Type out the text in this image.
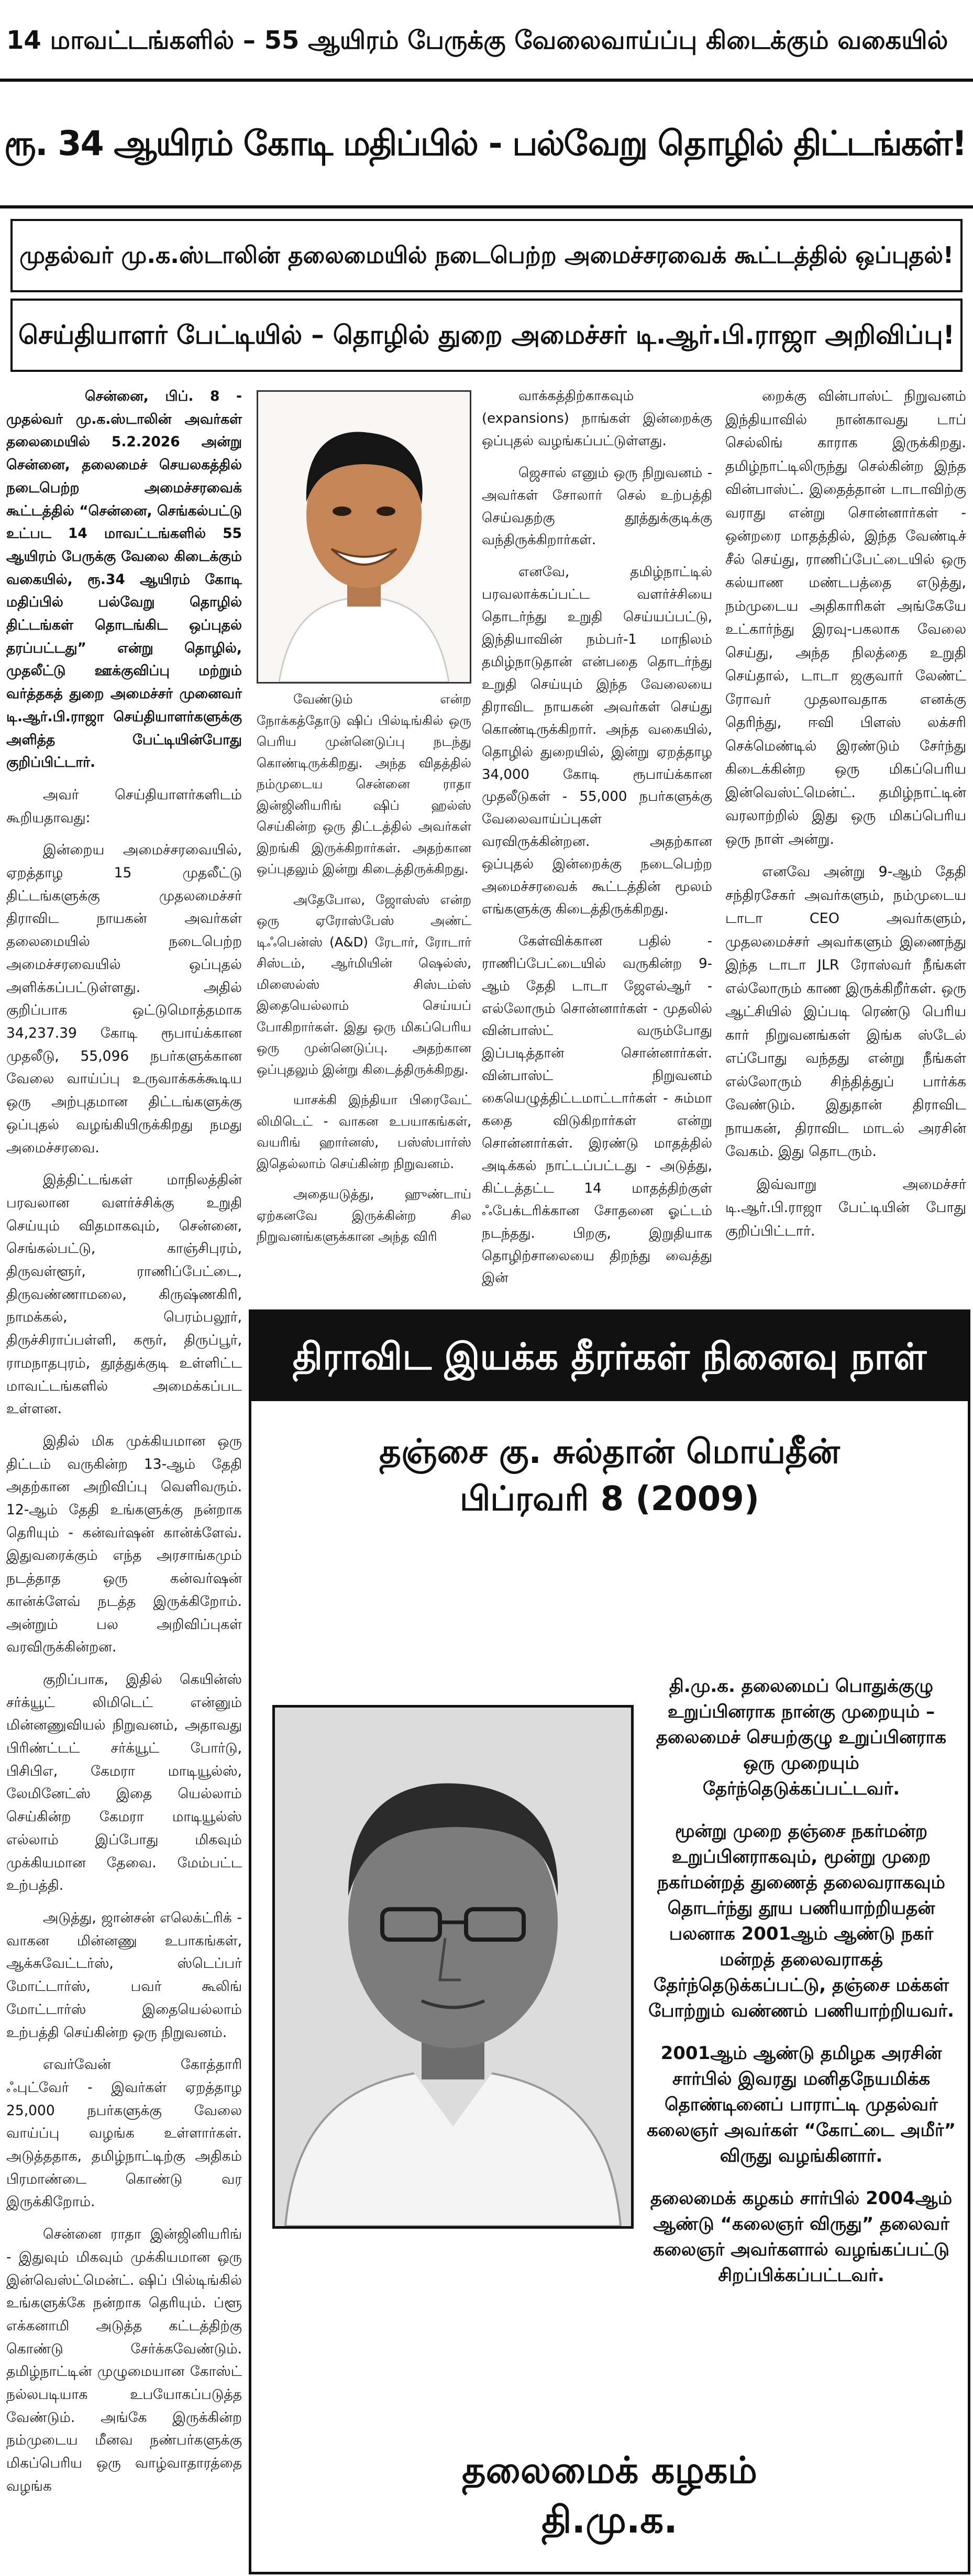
14 மாவட்டங்களில் – 55 ஆயிரம் பேருக்கு வேலைவாய்ப்பு கிடைக்கும் வகையில்
ரூ. 34 ஆயிரம் கோடி மதிப்பில் - பல்வேறு தொழில் திட்டங்கள்!
முதல்வர் மு.க.ஸ்டாலின் தலைமையில் நடைபெற்ற அமைச்சரவைக் கூட்டத்தில் ஒப்புதல்!
செய்தியாளர் பேட்டியில் – தொழில் துறை அமைச்சர் டி.ஆர்.பி.ராஜா அறிவிப்பு!

சென்னை, பிப். 8 - முதல்வர் மு.க.ஸ்டாலின் அவர்கள் தலைமையில் 5.2.2026 அன்று சென்னை, தலைமைச் செயலகத்தில் நடைபெற்ற அமைச்சரவைக் கூட்டத்தில் “சென்னை, செங்கல்பட்டு உட்பட 14 மாவட்டங்களில் 55 ஆயிரம் பேருக்கு வேலை கிடைக்கும் வகையில், ரூ.34 ஆயிரம் கோடி மதிப்பில் பல்வேறு தொழில் திட்டங்கள் தொடங்கிட ஒப்புதல் தரப்பட்டது” என்று தொழில், முதலீட்டு ஊக்குவிப்பு மற்றும் வர்த்தகத் துறை அமைச்சர் முனைவர் டி.ஆர்.பி.ராஜா செய்தியாளர்களுக்கு அளித்த பேட்டியின்போது குறிப்பிட்டார்.

அவர் செய்தியாளர்களிடம் கூறியதாவது:

இன்றைய அமைச்சரவையில், ஏறத்தாழ 15 முதலீட்டு திட்டங்களுக்கு முதலமைச்சர் திராவிட நாயகன் அவர்கள் தலைமையில் நடைபெற்ற அமைச்சரவையில் ஒப்புதல் அளிக்கப்பட்டுள்ளது. அதில் குறிப்பாக ஒட்டுமொத்தமாக 34,237.39 கோடி ரூபாய்க்கான முதலீடு, 55,096 நபர்களுக்கான வேலை வாய்ப்பு உருவாக்கக்கூடிய ஒரு அற்புதமான திட்டங்களுக்கு ஒப்புதல் வழங்கியிருக்கிறது நமது அமைச்சரவை.

இத்திட்டங்கள் மாநிலத்தின் பரவலான வளர்ச்சிக்கு உறுதி செய்யும் விதமாகவும், சென்னை, செங்கல்பட்டு, காஞ்சிபுரம், திருவள்ளூர், ராணிப்பேட்டை, திருவண்ணாமலை, கிருஷ்ணகிரி, நாமக்கல், பெரம்பலூர், திருச்சிராப்பள்ளி, கரூர், திருப்பூர், ராமநாதபுரம், தூத்துக்குடி உள்ளிட்ட மாவட்டங்களில் அமைக்கப்பட உள்ளன.

இதில் மிக முக்கியமான ஒரு திட்டம் வருகின்ற 13-ஆம் தேதி அதற்கான அறிவிப்பு வெளிவரும். 12-ஆம் தேதி உங்களுக்கு நன்றாக தெரியும் - கன்வர்ஷன் கான்க்ளேவ். இதுவரைக்கும் எந்த அரசாங்கமும் நடத்தாத ஒரு கன்வர்ஷன் கான்க்ளேவ் நடத்த இருக்கிறோம். அன்றும் பல அறிவிப்புகள் வரவிருக்கின்றன.

குறிப்பாக, இதில் கெயின்ஸ் சர்க்யூட் லிமிடெட் என்னும் மின்னணுவியல் நிறுவனம், அதாவது பிரிண்ட்டட் சர்க்யூட் போர்டு, பிசிபிஎ, கேமரா மாடியூல்ஸ், லேமினேட்ஸ் இதை யெல்லாம் செய்கின்ற கேமரா மாடியூல்ஸ் எல்லாம் இப்போது மிகவும் முக்கியமான தேவை. மேம்பட்ட உற்பத்தி.

அடுத்து, ஜான்சன் எலெக்ட்ரிக் - வாகன மின்னணு உபாகங்கள், ஆக்சுவேட்டர்ஸ், ஸ்டெப்பர் மோட்டார்ஸ், பவர் கூலிங் மோட்டார்ஸ் இதையெல்லாம் உற்பத்தி செய்கின்ற ஒரு நிறுவனம்.

எவர்வேன் கோத்தாரி ஃபுட்வேர் - இவர்கள் ஏறத்தாழ 25,000 நபர்களுக்கு வேலை வாய்ப்பு வழங்க உள்ளார்கள். அடுத்ததாக, தமிழ்நாட்டிற்கு அதிகம் பிரமாண்டை கொண்டு வர இருக்கிறோம்.

சென்னை ராதா இன்ஜினியரிங் - இதுவும் மிகவும் முக்கியமான ஒரு இன்வெஸ்ட்மென்ட். ஷிப் பில்டிங்கில் உங்களுக்கே நன்றாக தெரியும். ப்ளூ எக்கனாமி அடுத்த கட்டத்திற்கு கொண்டு சேர்க்கவேண்டும். தமிழ்நாட்டின் முழுமையான கோஸ்ட் நல்லபடியாக உபயோகப்படுத்த வேண்டும். அங்கே இருக்கின்ற நம்முடைய மீனவ நண்பர்களுக்கு மிகப்பெரிய ஒரு வாழ்வாதாரத்தை வழங்க

வேண்டும் என்ற நோக்கத்தோடு ஷிப் பில்டிங்கில் ஒரு பெரிய முன்னெடுப்பு நடந்து கொண்டிருக்கிறது. அந்த விதத்தில் நம்முடைய சென்னை ராதா இன்ஜினியரிங் ஷிப் ஹல்ஸ் செய்கின்ற ஒரு திட்டத்தில் அவர்கள் இறங்கி இருக்கிறார்கள். அதற்கான ஒப்புதலும் இன்று கிடைத்திருக்கிறது.

அதேபோல, ஜோஸ்ஸ் என்ற ஒரு ஏரோஸ்பேஸ் அண்ட் டிஃபென்ஸ் (A&D) ரேடார், ரோடார் சிஸ்டம், ஆர்மியின் ஷெல்ஸ், மிஸைல்ஸ் சிஸ்டம்ஸ் இதையெல்லாம் செய்யப் போகிறார்கள். இது ஒரு மிகப்பெரிய ஒரு முன்னெடுப்பு. அதற்கான ஒப்புதலும் இன்று கிடைத்திருக்கிறது.

யாசக்கி இந்தியா பிரைவேட் லிமிடெட் - வாகன உபயாகங்கள், வயரிங் ஹார்னஸ், பஸ்ஸ்பார்ஸ் இதெல்லாம் செய்கின்ற நிறுவனம்.

அதையடுத்து, ஹுண்டாய் ஏற்கனவே இருக்கின்ற சில நிறுவனங்களுக்கான அந்த விரி

வாக்கத்திற்காகவும் (expansions) நாங்கள் இன்றைக்கு ஒப்புதல் வழங்கப்பட்டுள்ளது.

ஜெசால் எனும் ஒரு நிறுவனம் - அவர்கள் சோலார் செல் உற்பத்தி செய்வதற்கு தூத்துக்குடிக்கு வந்திருக்கிறார்கள்.

எனவே, தமிழ்நாட்டில் பரவலாக்கப்பட்ட வளர்ச்சியை தொடர்ந்து உறுதி செய்யப்பட்டு, இந்தியாவின் நம்பர்-1 மாநிலம் தமிழ்நாடுதான் என்பதை தொடர்ந்து உறுதி செய்யும் இந்த வேலையை திராவிட நாயகன் அவர்கள் செய்து கொண்டிருக்கிறார். அந்த வகையில், தொழில் துறையில், இன்று ஏறத்தாழ 34,000 கோடி ரூபாய்க்கான முதலீடுகள் - 55,000 நபர்களுக்கு வேலைவாய்ப்புகள் வரவிருக்கின்றன. அதற்கான ஒப்புதல் இன்றைக்கு நடைபெற்ற அமைச்சரவைக் கூட்டத்தின் மூலம் எங்களுக்கு கிடைத்திருக்கிறது.

கேள்விக்கான பதில் - ராணிப்பேட்டையில் வருகின்ற 9-ஆம் தேதி டாடா ஜேஎல்ஆர் - எல்லோரும் சொன்னார்கள் - முதலில் வின்பாஸ்ட் வரும்போது இப்படித்தான் சொன்னார்கள். வின்பாஸ்ட் நிறுவனம் கையெழுத்திட்டமாட்டார்கள் - சும்மா கதை விடுகிறார்கள் என்று சொன்னார்கள். இரண்டு மாதத்தில் அடிக்கல் நாட்டப்பட்டது - அடுத்து, கிட்டத்தட்ட 14 மாதத்திற்குள் ஃபேக்டரிக்கான சோதனை ஓட்டம் நடந்தது. பிறகு, இறுதியாக தொழிற்சாலையை திறந்து வைத்து இன்

றைக்கு வின்பாஸ்ட் நிறுவனம் இந்தியாவில் நான்காவது டாப் செல்லிங் காராக இருக்கிறது. தமிழ்நாட்டிலிருந்து செல்கின்ற இந்த வின்பாஸ்ட். இதைத்தான் டாடாவிற்கு வராது என்று சொன்னார்கள் - ஒன்றரை மாதத்தில், இந்த வேண்டிச் சீல் செய்து, ராணிப்பேட்டையில் ஒரு கல்யாண மண்டபத்தை எடுத்து, நம்முடைய அதிகாரிகள் அங்கேயே உட்கார்ந்து இரவு-பகலாக வேலை செய்து, அந்த நிலத்தை உறுதி செய்தால், டாடா ஜகுவார் லேண்ட் ரோவர் முதலாவதாக எனக்கு தெரிந்து, ஈவி பிளஸ் லக்சரி செக்மெண்டில் இரண்டும் சேர்ந்து கிடைக்கின்ற ஒரு மிகப்பெரிய இன்வெஸ்ட்மென்ட். தமிழ்நாட்டின் வரலாற்றில் இது ஒரு மிகப்பெரிய ஒரு நாள் அன்று.

எனவே அன்று 9-ஆம் தேதி சந்திரசேகர் அவர்களும், நம்முடைய டாடா CEO அவர்களும், முதலமைச்சர் அவர்களும் இணைந்து இந்த டாடா JLR ரோஸ்வர் நீங்கள் எல்லோரும் காண இருக்கிறீர்கள். ஒரு ஆட்சியில் இப்படி ரெண்டு பெரிய கார் நிறுவனங்கள் இங்க ஸ்டேல் எப்போது வந்தது என்று நீங்கள் எல்லோரும் சிந்தித்துப் பார்க்க வேண்டும். இதுதான் திராவிட நாயகன், திராவிட மாடல் அரசின் வேகம். இது தொடரும்.

இவ்வாறு அமைச்சர் டி.ஆர்.பி.ராஜா பேட்டியின் போது குறிப்பிட்டார்.

திராவிட இயக்க தீரர்கள் நினைவு நாள்
தஞ்சை கு. சுல்தான் மொய்தீன்
பிப்ரவரி 8 (2009)

தி.மு.க. தலைமைப் பொதுக்குழு உறுப்பினராக நான்கு முறையும் – தலைமைச் செயற்குழு உறுப்பினராக ஒரு முறையும் தேர்ந்தெடுக்கப்பட்டவர்.

மூன்று முறை தஞ்சை நகர்மன்ற உறுப்பினராகவும், மூன்று முறை நகர்மன்றத் துணைத் தலைவராகவும் தொடர்ந்து தூய பணியாற்றியதன் பலனாக 2001ஆம் ஆண்டு நகர் மன்றத் தலைவராகத் தேர்ந்தெடுக்கப்பட்டு, தஞ்சை மக்கள் போற்றும் வண்ணம் பணியாற்றியவர்.

2001ஆம் ஆண்டு தமிழக அரசின் சார்பில் இவரது மனிதநேயமிக்க தொண்டினைப் பாராட்டி முதல்வர் கலைஞர் அவர்கள் “கோட்டை அமீர்” விருது வழங்கினார்.

தலைமைக் கழகம் சார்பில் 2004ஆம் ஆண்டு “கலைஞர் விருது” தலைவர் கலைஞர் அவர்களால் வழங்கப்பட்டு சிறப்பிக்கப்பட்டவர்.

தலைமைக் கழகம்
தி.மு.க.
